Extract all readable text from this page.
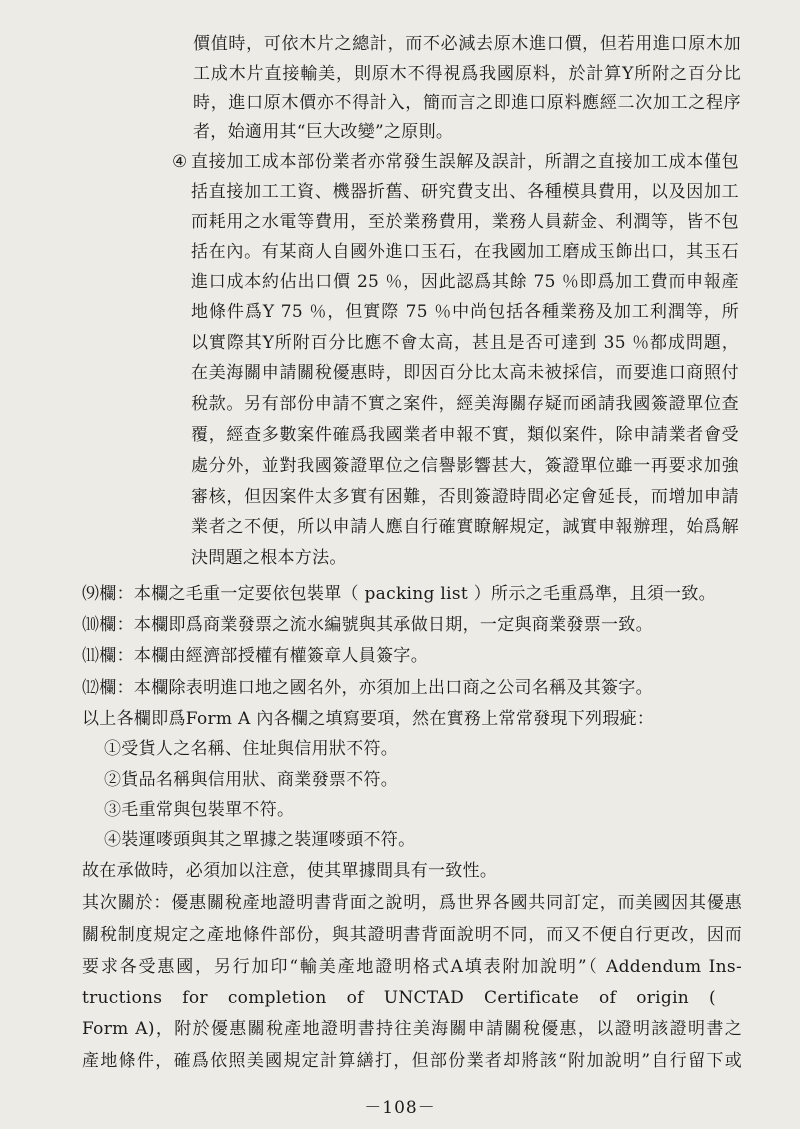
價值時，可依木片之總計，而不必減去原木進口價，但若用進口原木加
工成木片直接輸美，則原木不得視爲我國原料，於計算Y所附之百分比
時，進口原木價亦不得計入，簡而言之即進口原料應經二次加工之程序
者，始適用其“巨大改變”之原則。
④ 直接加工成本部份業者亦常發生誤解及誤計，所謂之直接加工成本僅包
括直接加工工資、機器折舊、研究費支出、各種模具費用，以及因加工
而耗用之水電等費用，至於業務費用，業務人員薪金、利潤等，皆不包
括在內。有某商人自國外進口玉石，在我國加工磨成玉飾出口，其玉石
進口成本約佔出口價 25 ％，因此認爲其餘 75 ％即爲加工費而申報產
地條件爲Y 75 ％，但實際 75 ％中尚包括各種業務及加工利潤等，所
以實際其Y所附百分比應不會太高，甚且是否可達到 35 ％都成問題，
在美海關申請關稅優惠時，即因百分比太高未被採信，而要進口商照付
稅款。另有部份申請不實之案件，經美海關存疑而函請我國簽證單位查
覆，經查多數案件確爲我國業者申報不實，類似案件，除申請業者會受
處分外，並對我國簽證單位之信譽影響甚大，簽證單位雖一再要求加強
審核，但因案件太多實有困難，否則簽證時間必定會延長，而增加申請
業者之不便，所以申請人應自行確實瞭解規定，誠實申報辦理，始爲解
決問題之根本方法。
⑼欄：本欄之毛重一定要依包裝單（ packing list ）所示之毛重爲準，且須一致。
⑽欄：本欄即爲商業發票之流水編號與其承做日期，一定與商業發票一致。
⑾欄：本欄由經濟部授權有權簽章人員簽字。
⑿欄：本欄除表明進口地之國名外，亦須加上出口商之公司名稱及其簽字。
以上各欄即爲Form A 內各欄之填寫要項，然在實務上常常發現下列瑕疵：
①受貨人之名稱、住址與信用狀不符。
②貨品名稱與信用狀、商業發票不符。
③毛重常與包裝單不符。
④裝運嘜頭與其之單據之裝運嘜頭不符。
故在承做時，必須加以注意，使其單據間具有一致性。
其次關於：優惠關稅產地證明書背面之說明，爲世界各國共同訂定，而美國因其優惠
關稅制度規定之產地條件部份，與其證明書背面說明不同，而又不便自行更改，因而
要求各受惠國，另行加印“輸美產地證明格式A填表附加說明”（ Addendum Ins-
tructions for completion of UNCTAD Certificate of origin (
Form A)，附於優惠關稅產地證明書持往美海關申請關稅優惠，以證明該證明書之
產地條件，確爲依照美國規定計算繕打，但部份業者却將該“附加說明”自行留下或
－108－
